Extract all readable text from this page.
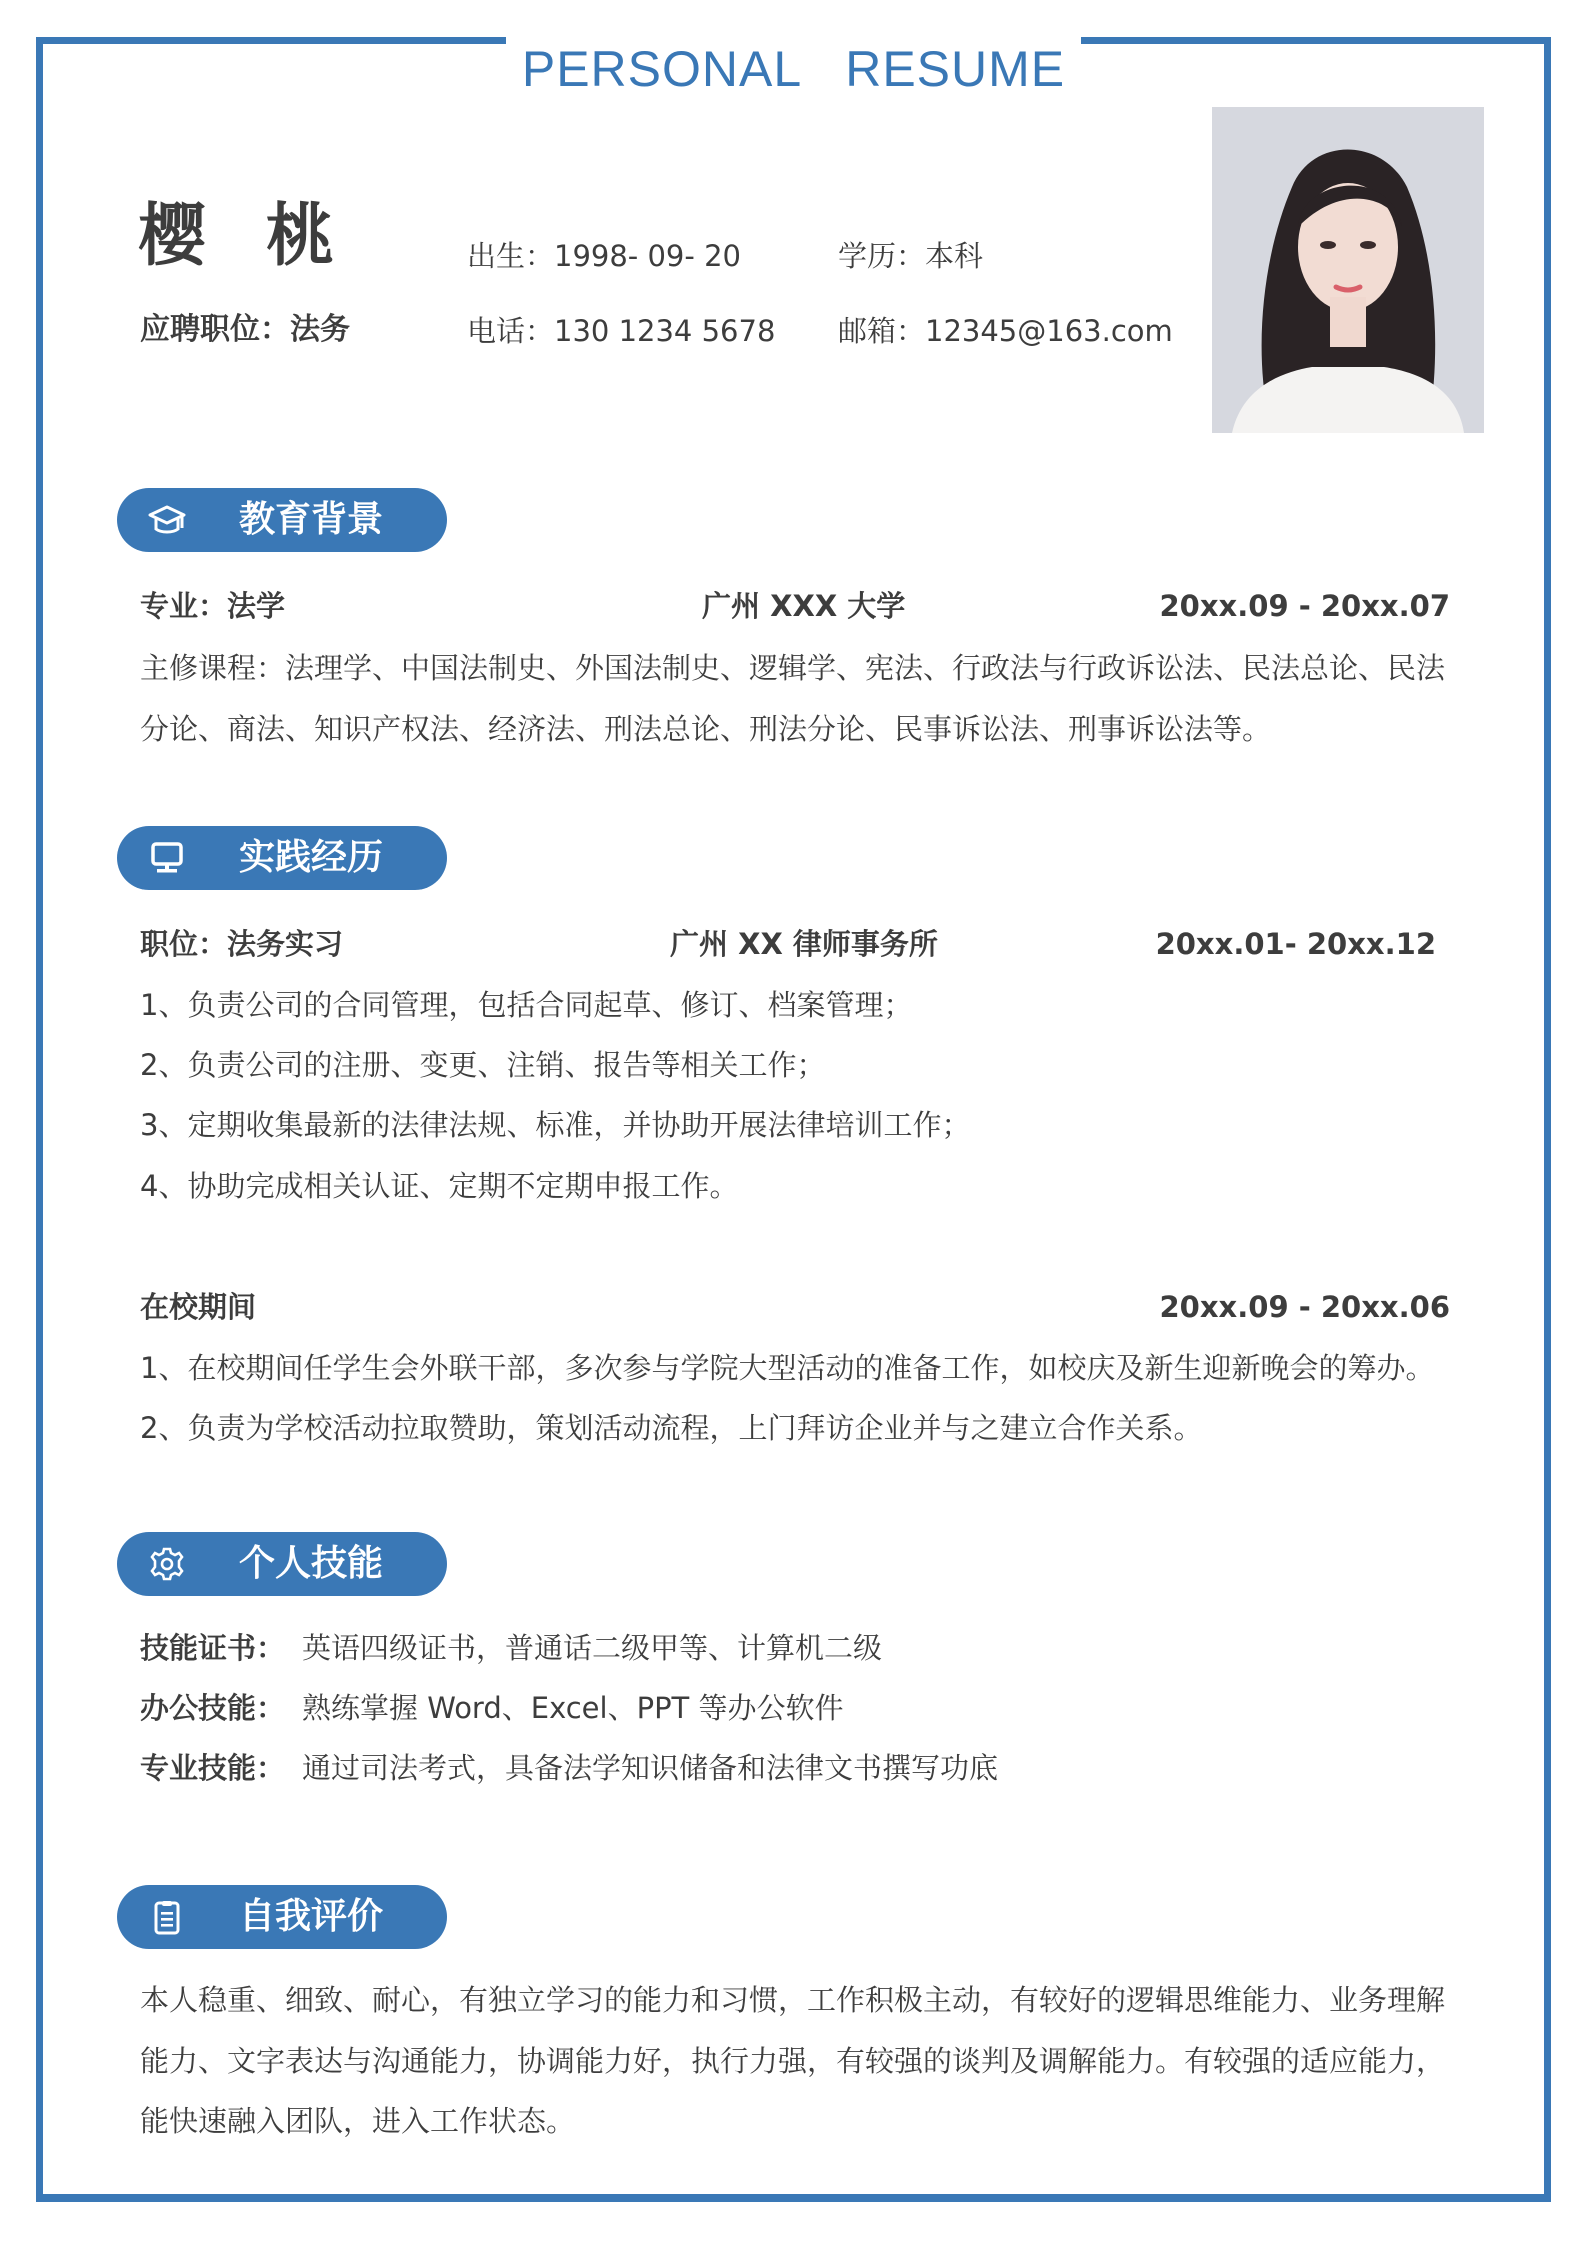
PERSONAL RESUME
樱桃
应聘职位：法务
出生：1998- 09- 20	学历：本科
电话：130 1234 5678 邮箱：12345@163.com
教育背景
专业：法学	广州 XXX 大学	20xx.09 - 20xx.07
主修课程：法理学、中国法制史、外国法制史、逻辑学、宪法、行政法与行政诉讼法、民法总论、民法
分论、商法、知识产权法、经济法、刑法总论、刑法分论、民事诉讼法、刑事诉讼法等。
实践经历
职位：法务实习	广州 XX 律师事务所	20xx.01- 20xx.12
1、负责公司的合同管理，包括合同起草、修订、档案管理；
2、负责公司的注册、变更、注销、报告等相关工作；
3、定期收集最新的法律法规、标准，并协助开展法律培训工作；
4、协助完成相关认证、定期不定期申报工作。
在校期间	20xx.09 - 20xx.06
1、在校期间任学生会外联干部，多次参与学院大型活动的准备工作，如校庆及新生迎新晚会的筹办。
2、负责为学校活动拉取赞助，策划活动流程，上门拜访企业并与之建立合作关系。
个人技能
技能证书： 英语四级证书，普通话二级甲等、计算机二级
办公技能： 熟练掌握 Word、Excel、PPT 等办公软件
专业技能： 通过司法考式，具备法学知识储备和法律文书撰写功底
自我评价
本人稳重、细致、耐心，有独立学习的能力和习惯，工作积极主动，有较好的逻辑思维能力、业务理解
能力、文字表达与沟通能力，协调能力好，执行力强，有较强的谈判及调解能力。有较强的适应能力，
能快速融入团队，进入工作状态。
